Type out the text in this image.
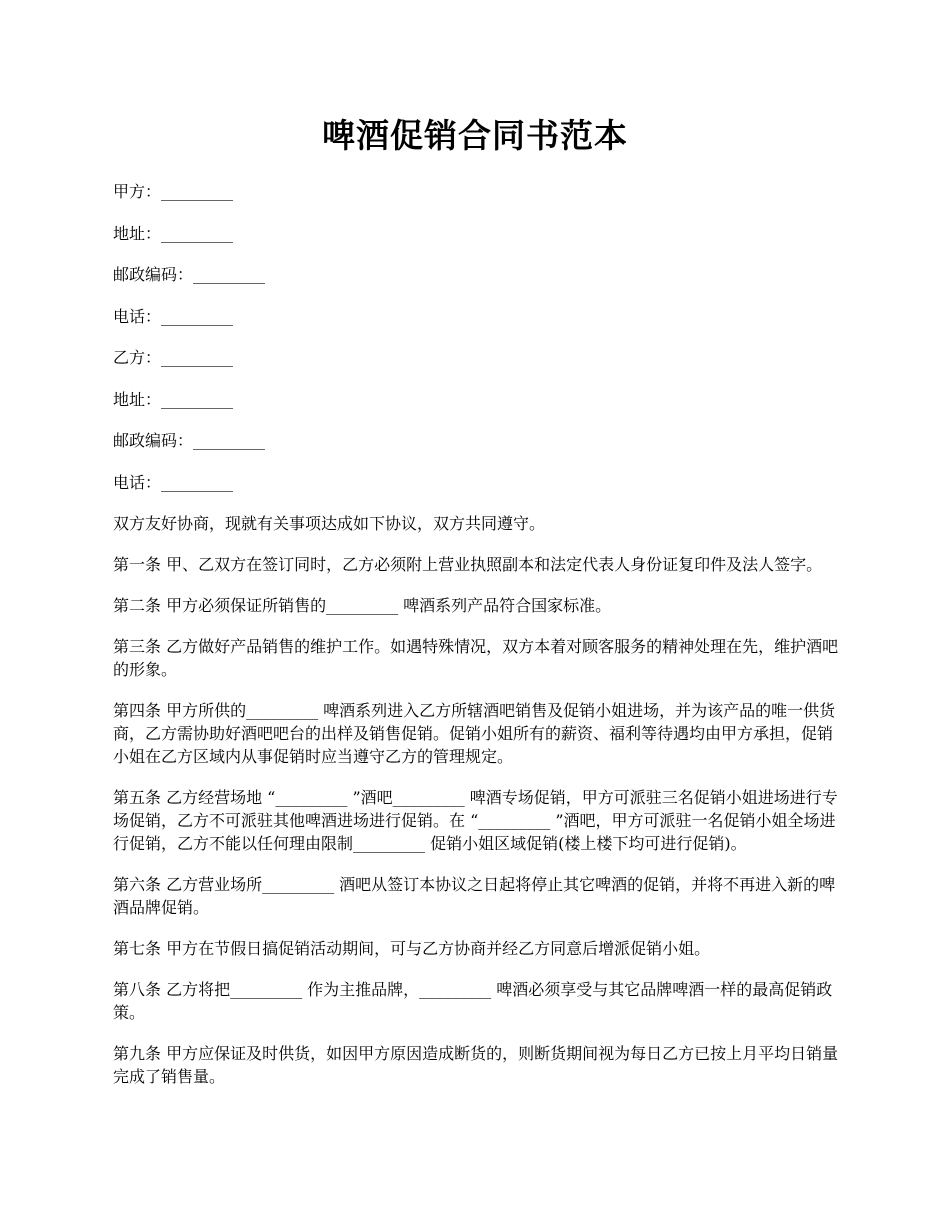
啤酒促销合同书范本
甲方：_________
地址：_________
邮政编码：_________
电话：_________
乙方：_________
地址：_________
邮政编码：_________
电话：_________

双方友好协商，现就有关事项达成如下协议，双方共同遵守。

第一条 甲、乙双方在签订同时，乙方必须附上营业执照副本和法定代表人身份证复印件及法人签字。

第二条 甲方必须保证所销售的_________ 啤酒系列产品符合国家标准。

第三条 乙方做好产品销售的维护工作。如遇特殊情况，双方本着对顾客服务的精神处理在先，维护酒吧的形象。

第四条 甲方所供的_________ 啤酒系列进入乙方所辖酒吧销售及促销小姐进场，并为该产品的唯一供货商，乙方需协助好酒吧吧台的出样及销售促销。促销小姐所有的薪资、福利等待遇均由甲方承担，促销小姐在乙方区域内从事促销时应当遵守乙方的管理规定。

第五条 乙方经营场地 “_________ ”酒吧_________ 啤酒专场促销，甲方可派驻三名促销小姐进场进行专场促销，乙方不可派驻其他啤酒进场进行促销。在 “_________ ”酒吧，甲方可派驻一名促销小姐全场进行促销，乙方不能以任何理由限制_________ 促销小姐区域促销(楼上楼下均可进行促销)。

第六条 乙方营业场所_________ 酒吧从签订本协议之日起将停止其它啤酒的促销，并将不再进入新的啤酒品牌促销。

第七条 甲方在节假日搞促销活动期间，可与乙方协商并经乙方同意后增派促销小姐。

第八条 乙方将把_________ 作为主推品牌，_________ 啤酒必须享受与其它品牌啤酒一样的最高促销政策。

第九条 甲方应保证及时供货，如因甲方原因造成断货的，则断货期间视为每日乙方已按上月平均日销量完成了销售量。
